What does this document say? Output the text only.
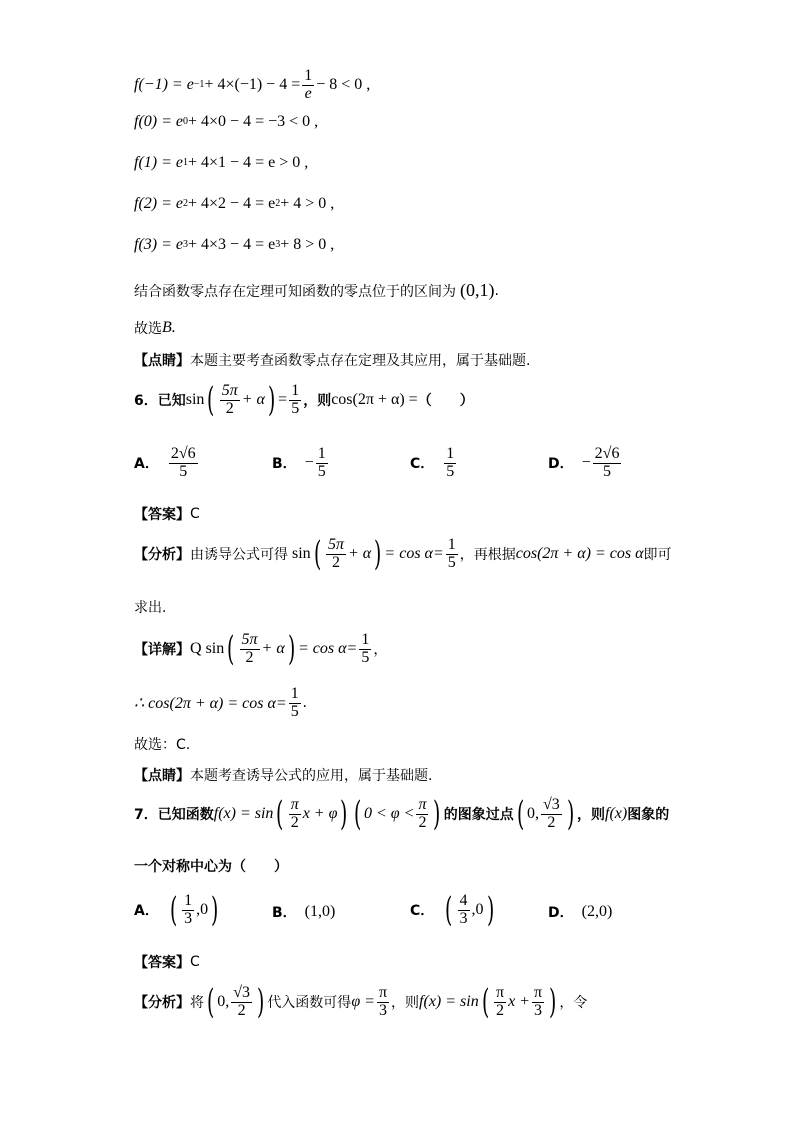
$f(-1) = e -1 + 4\times(-1) - 4 = \frac{1}{e} - 8 < 0$ ,
f(0) = e 0 + 4×0 − 4 = −3 < 0 ,
f(1) = e 1 + 4×1 − 4 = e > 0 ,
f(2) = e 2 + 4×2 − 4 = e 2 + 4 > 0 ,
f(3) = e 3 + 4×3 − 4 = e 3 + 8 > 0 ,
结合函数零点存在定理可知函数的零点位于的区间为 (0,1) .
故选 B.
【点睛】 本题主要考查函数零点存在定理及其应用，属于基础题.
6．已知 sin ( $\frac{5\pi}{2} + \alpha$ ) = $\frac{1}{5}$ ，则 cos(2π + α) = （　　）
A． $\frac{2√6}{5}$	B． − $\frac{1}{5}$	C． $\frac{1}{5}$	D． − $\frac{2√6}{5}$
【答案】 C
【分析】 由诱导公式可得 sin ( $\frac{5\pi}{2} + \alpha$ ) = $\cos \alpha= \frac{1}{5}$ ，再根据 cos(2π + α) = cos α 即可
求出.
【详解】 Q sin ( $\frac{5\pi}{2} + \alpha$ ) = $\cos \alpha= \frac{1}{5}$ ，
∴ $\cos(2\pi + \alpha) = \cos \alpha= \frac{1}{5}$ .
故选：C.
【点睛】 本题考查诱导公式的应用，属于基础题.
7．已知函数 f(x) = sin ( $\frac{\pi}{2}$ x + φ ) ( $0 < \varphi < \frac{\pi}{2}$ ) 的图象过点 ( 0, $\frac{√3}{2}$ ) ，则 f(x) 图象的
一个对称中心为（　　）
A． ( $\frac{1}{3} ,0$ )	B． (1,0)	C． ( $\frac{4}{3} ,0$ )	D． (2,0)
【答案】 C
【分析】 将 ( 0, $\frac{√3}{2}$ ) 代入函数可得 $\varphi = \frac{\pi}{3}$ ，则 f(x) = sin ( $\frac{\pi}{2}$ $x + \frac{\pi}{3}$ ) ，令
